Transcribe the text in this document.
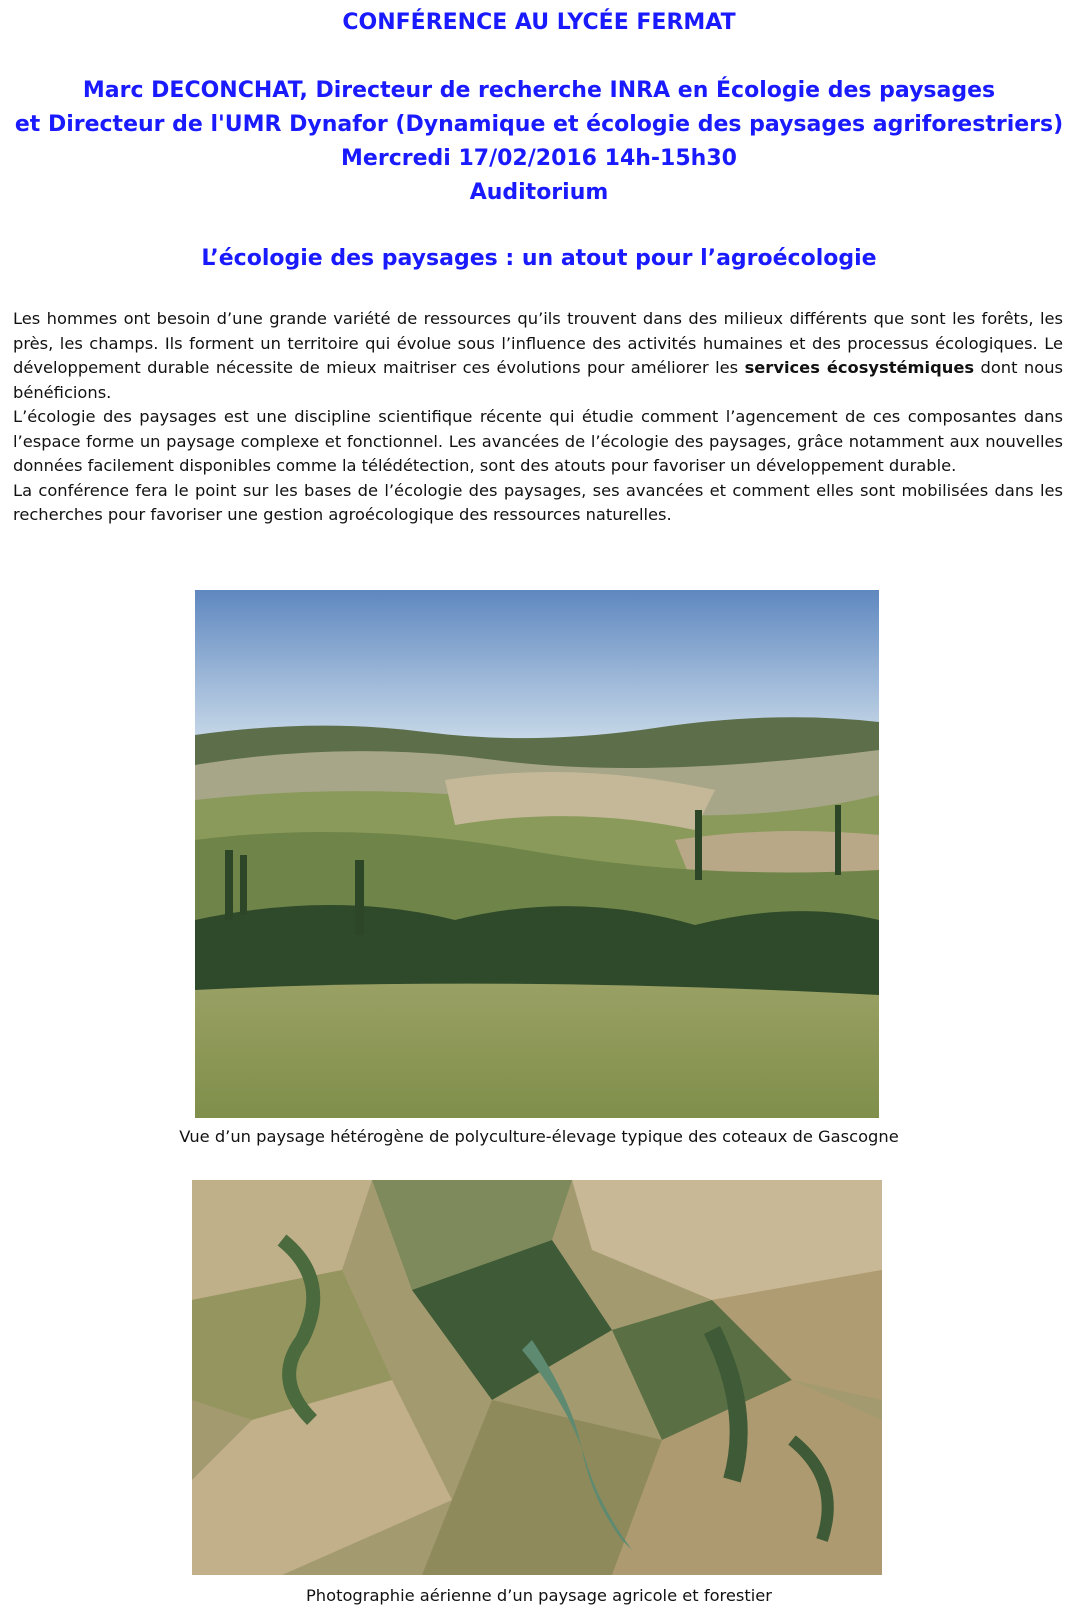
CONFÉRENCE AU LYCÉE FERMAT
Marc DECONCHAT, Directeur de recherche INRA en Écologie des paysages
et Directeur de l'UMR Dynafor (Dynamique et écologie des paysages agriforestriers)
Mercredi 17/02/2016 14h-15h30
Auditorium
L’écologie des paysages : un atout pour l’agroécologie

Les hommes ont besoin d’une grande variété de ressources qu’ils trouvent dans des milieux différents que sont les forêts, les près, les champs. Ils forment un territoire qui évolue sous l’influence des activités humaines et des processus écologiques. Le développement durable nécessite de mieux maitriser ces évolutions pour améliorer les services écosystémiques dont nous bénéficions.

L’écologie des paysages est une discipline scientifique récente qui étudie comment l’agencement de ces composantes dans l’espace forme un paysage complexe et fonctionnel. Les avancées de l’écologie des paysages, grâce notamment aux nouvelles données facilement disponibles comme la télédétection, sont des atouts pour favoriser un développement durable.

La conférence fera le point sur les bases de l’écologie des paysages, ses avancées et comment elles sont mobilisées dans les recherches pour favoriser une gestion agroécologique des ressources naturelles.

Vue d’un paysage hétérogène de polyculture-élevage typique des coteaux de Gascogne

Photographie aérienne d’un paysage agricole et forestier
